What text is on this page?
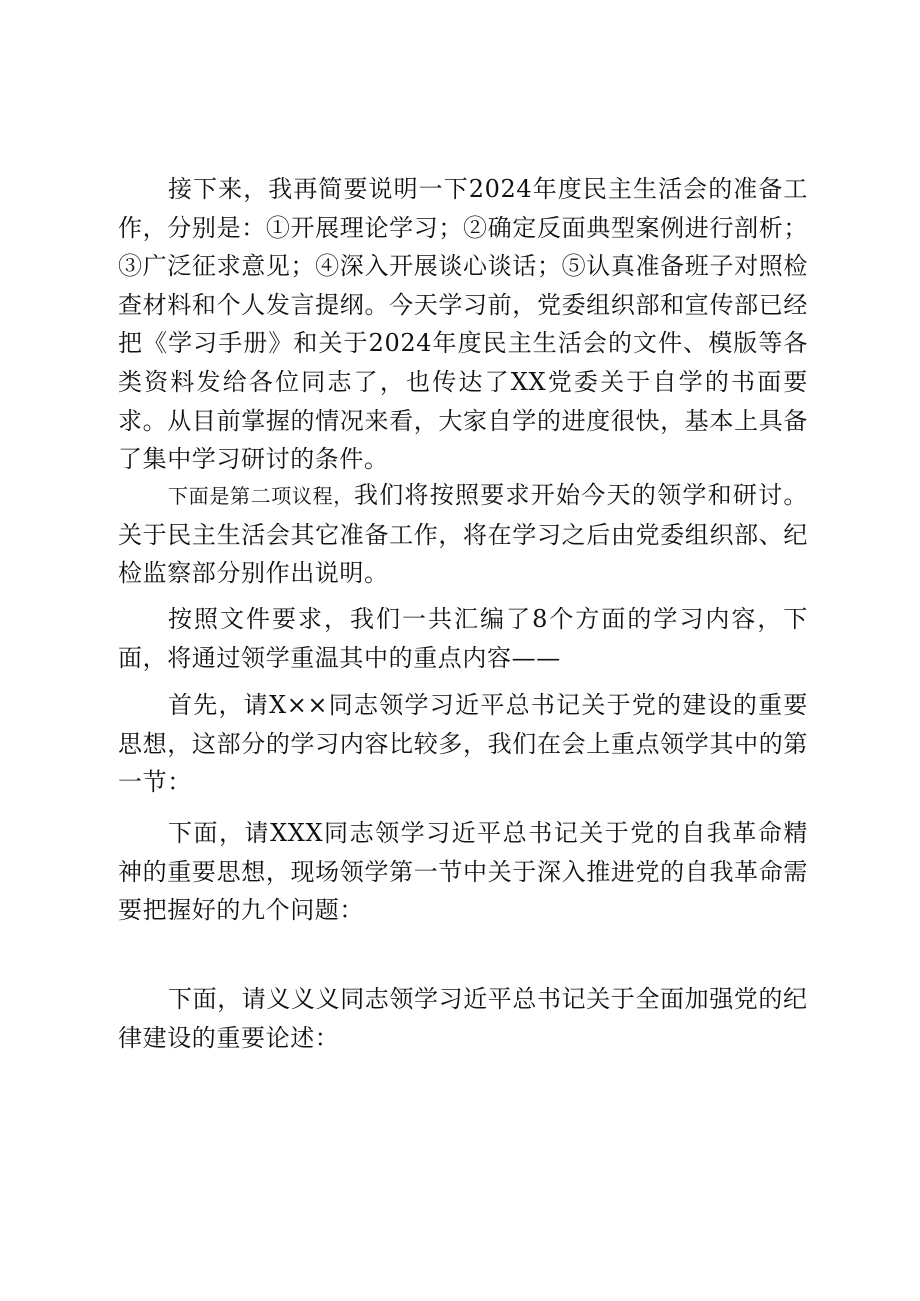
接下来，我再简要说明一下2024年度民主生活会的准备工作，分别是：①开展理论学习；②确定反面典型案例进行剖析；③广泛征求意见；④深入开展谈心谈话；⑤认真准备班子对照检查材料和个人发言提纲。今天学习前，党委组织部和宣传部已经把《学习手册》和关于2024年度民主生活会的文件、模版等各类资料发给各位同志了，也传达了XX党委关于自学的书面要求。从目前掌握的情况来看，大家自学的进度很快，基本上具备了集中学习研讨的条件。

下面是第二项议程，我们将按照要求开始今天的领学和研讨。关于民主生活会其它准备工作，将在学习之后由党委组织部、纪检监察部分别作出说明。

按照文件要求，我们一共汇编了8个方面的学习内容，下面，将通过领学重温其中的重点内容——

首先，请X××同志领学习近平总书记关于党的建设的重要思想，这部分的学习内容比较多，我们在会上重点领学其中的第一节：

下面，请XXX同志领学习近平总书记关于党的自我革命精神的重要思想，现场领学第一节中关于深入推进党的自我革命需要把握好的九个问题：

下面，请义义义同志领学习近平总书记关于全面加强党的纪
律建设的重要论述：
